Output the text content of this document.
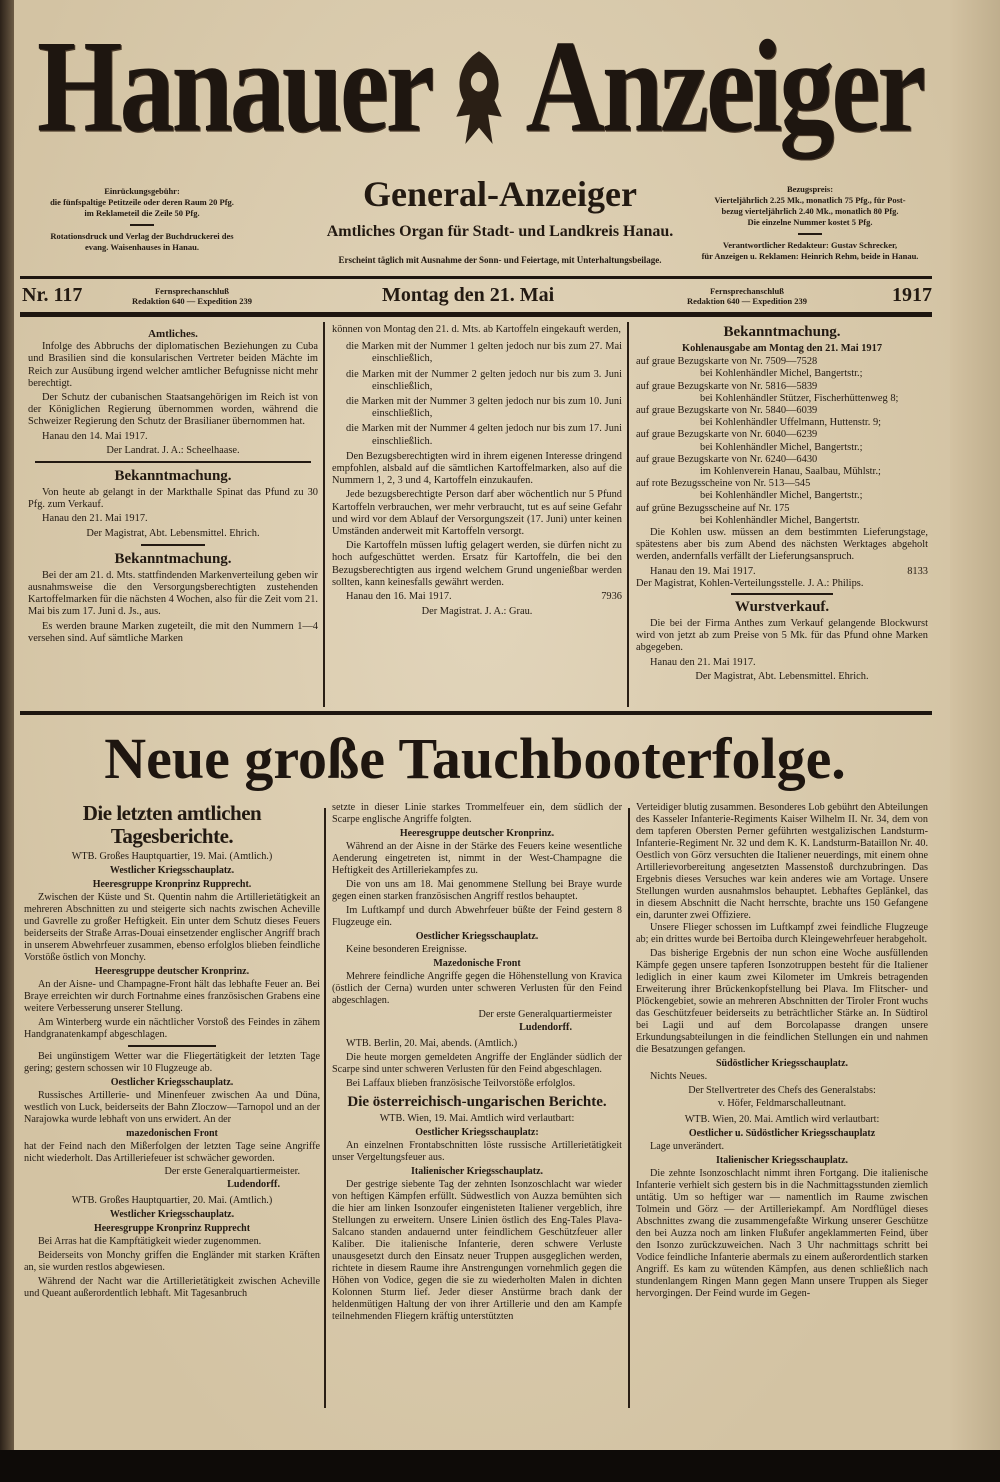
Hanauer Anzeiger
Einrückungsgebühr:
die fünfspaltige Petitzeile oder deren Raum 20 Pfg.
im Reklameteil die Zeile 50 Pfg.
Rotationsdruck und Verlag der Buchdruckerei des
evang. Waisenhauses in Hanau.
General-Anzeiger
Amtliches Organ für Stadt- und Landkreis Hanau.
Erscheint täglich mit Ausnahme der Sonn- und Feiertage, mit Unterhaltungsbeilage.
Bezugspreis:
Vierteljährlich 2.25 Mk., monatlich 75 Pfg., für Post-
bezug vierteljährlich 2.40 Mk., monatlich 80 Pfg.
Die einzelne Nummer kostet 5 Pfg.
Verantwortlicher Redakteur: Gustav Schrecker,
für Anzeigen u. Reklamen: Heinrich Rehm, beide in Hanau.
Nr. 117	Fernsprechanschluß
Redaktion 640 — Expedition 239	Montag den 21. Mai	Fernsprechanschluß
Redaktion 640 — Expedition 239	1917
Amtliches.

Infolge des Abbruchs der diplomatischen Beziehungen zu Cuba und Brasilien sind die konsularischen Vertreter beiden Mächte im Reich zur Ausübung irgend welcher amtlicher Befugnisse nicht mehr berechtigt.

Der Schutz der cubanischen Staatsangehörigen im Reich ist von der Königlichen Regierung übernommen worden, während die Schweizer Regierung den Schutz der Brasilianer übernommen hat.

Hanau den 14. Mai 1917.

Der Landrat. J. A.: Scheelhaase.
Bekanntmachung.

Von heute ab gelangt in der Markthalle Spinat das Pfund zu 30 Pfg. zum Verkauf.

Hanau den 21. Mai 1917.

Der Magistrat, Abt. Lebensmittel. Ehrich.
Bekanntmachung.

Bei der am 21. d. Mts. stattfindenden Markenverteilung geben wir ausnahmsweise die den Versorgungsberechtigten zustehenden Kartoffelmarken für die nächsten 4 Wochen, also für die Zeit vom 21. Mai bis zum 17. Juni d. Js., aus.

Es werden braune Marken zugeteilt, die mit den Nummern 1—4 versehen sind. Auf sämtliche Marken

können von Montag den 21. d. Mts. ab Kartoffeln eingekauft werden,

die Marken mit der Nummer 1 gelten jedoch nur bis zum 27. Mai einschließlich,

die Marken mit der Nummer 2 gelten jedoch nur bis zum 3. Juni einschließlich,

die Marken mit der Nummer 3 gelten jedoch nur bis zum 10. Juni einschließlich,

die Marken mit der Nummer 4 gelten jedoch nur bis zum 17. Juni einschließlich.

Den Bezugsberechtigten wird in ihrem eigenen Interesse dringend empfohlen, alsbald auf die sämtlichen Kartoffelmarken, also auf die Nummern 1, 2, 3 und 4, Kartoffeln einzukaufen.

Jede bezugsberechtigte Person darf aber wöchentlich nur 5 Pfund Kartoffeln verbrauchen, wer mehr verbraucht, tut es auf seine Gefahr und wird vor dem Ablauf der Versorgungszeit (17. Juni) unter keinen Umständen anderweit mit Kartoffeln versorgt.

Die Kartoffeln müssen luftig gelagert werden, sie dürfen nicht zu hoch aufgeschüttet werden. Ersatz für Kartoffeln, die bei den Bezugsberechtigten aus irgend welchem Grund ungenießbar werden sollten, kann keinesfalls gewährt werden.

Hanau den 16. Mai 1917.	7936
Der Magistrat. J. A.: Grau.
Bekanntmachung.
Kohlenausgabe am Montag den 21. Mai 1917

auf graue Bezugskarte von Nr. 7509—7528

bei Kohlenhändler Michel, Bangertstr.;

auf graue Bezugskarte von Nr. 5816—5839

bei Kohlenhändler Stützer, Fischerhüttenweg 8;

auf graue Bezugskarte von Nr. 5840—6039

bei Kohlenhändler Uffelmann, Huttenstr. 9;

auf graue Bezugskarte von Nr. 6040—6239

bei Kohlenhändler Michel, Bangertstr.;

auf graue Bezugskarte von Nr. 6240—6430

im Kohlenverein Hanau, Saalbau, Mühlstr.;

auf rote Bezugsscheine von Nr. 513—545

bei Kohlenhändler Michel, Bangertstr.;

auf grüne Bezugsscheine auf Nr. 175

bei Kohlenhändler Michel, Bangertstr.

Die Kohlen usw. müssen an dem bestimmten Lieferungstage, spätestens aber bis zum Abend des nächsten Werktages abgeholt werden, andernfalls verfällt der Lieferungsanspruch.

Hanau den 19. Mai 1917.	8133
Der Magistrat, Kohlen-Verteilungsstelle. J. A.: Philips.
Wurstverkauf.

Die bei der Firma Anthes zum Verkauf gelangende Blockwurst wird von jetzt ab zum Preise von 5 Mk. für das Pfund ohne Marken abgegeben.

Hanau den 21. Mai 1917.

Der Magistrat, Abt. Lebensmittel. Ehrich.
Neue große Tauchbooterfolge.
Die letzten amtlichen Tagesberichte.
WTB. Großes Hauptquartier, 19. Mai. (Amtlich.)
Westlicher Kriegsschauplatz.
Heeresgruppe Kronprinz Rupprecht.

Zwischen der Küste und St. Quentin nahm die Artillerietätigkeit an mehreren Abschnitten zu und steigerte sich nachts zwischen Acheville und Gavrelle zu großer Heftigkeit. Ein unter dem Schutz dieses Feuers beiderseits der Straße Arras-Douai einsetzender englischer Angriff brach in unserem Abwehrfeuer zusammen, ebenso erfolglos blieben feindliche Vorstöße östlich von Monchy.

Heeresgruppe deutscher Kronprinz.

An der Aisne- und Champagne-Front hält das lebhafte Feuer an. Bei Braye erreichten wir durch Fortnahme eines französischen Grabens eine weitere Verbesserung unserer Stellung.

Am Winterberg wurde ein nächtlicher Vorstoß des Feindes in zähem Handgranatenkampf abgeschlagen.

Bei ungünstigem Wetter war die Fliegertätigkeit der letzten Tage gering; gestern schossen wir 10 Flugzeuge ab.

Oestlicher Kriegsschauplatz.

Russisches Artillerie- und Minenfeuer zwischen Aa und Düna, westlich von Luck, beiderseits der Bahn Zloczow—Tarnopol und an der Narajowka wurde lebhaft von uns erwidert. An der

mazedonischen Front

hat der Feind nach den Mißerfolgen der letzten Tage seine Angriffe nicht wiederholt. Das Artilleriefeuer ist schwächer geworden.

Der erste Generalquartiermeister.
Ludendorff.
WTB. Großes Hauptquartier, 20. Mai. (Amtlich.)
Westlicher Kriegsschauplatz.
Heeresgruppe Kronprinz Rupprecht

Bei Arras hat die Kampftätigkeit wieder zugenommen.

Beiderseits von Monchy griffen die Engländer mit starken Kräften an, sie wurden restlos abgewiesen.

Während der Nacht war die Artillerietätigkeit zwischen Acheville und Queant außerordentlich lebhaft. Mit Tagesanbruch

setzte in dieser Linie starkes Trommelfeuer ein, dem südlich der Scarpe englische Angriffe folgten.

Heeresgruppe deutscher Kronprinz.

Während an der Aisne in der Stärke des Feuers keine wesentliche Aenderung eingetreten ist, nimmt in der West-Champagne die Heftigkeit des Artilleriekampfes zu.

Die von uns am 18. Mai genommene Stellung bei Braye wurde gegen einen starken französischen Angriff restlos behauptet.

Im Luftkampf und durch Abwehrfeuer büßte der Feind gestern 8 Flugzeuge ein.

Oestlicher Kriegsschauplatz.

Keine besonderen Ereignisse.

Mazedonische Front

Mehrere feindliche Angriffe gegen die Höhenstellung von Kravica (östlich der Cerna) wurden unter schweren Verlusten für den Feind abgeschlagen.

Der erste Generalquartiermeister
Ludendorff.

WTB. Berlin, 20. Mai, abends. (Amtlich.)

Die heute morgen gemeldeten Angriffe der Engländer südlich der Scarpe sind unter schweren Verlusten für den Feind abgeschlagen.

Bei Laffaux blieben französische Teilvorstöße erfolglos.

Die österreichisch-ungarischen Berichte.
WTB. Wien, 19. Mai. Amtlich wird verlautbart:
Oestlicher Kriegsschauplatz:

An einzelnen Frontabschnitten löste russische Artillerietätigkeit unser Vergeltungsfeuer aus.

Italienischer Kriegsschauplatz.

Der gestrige siebente Tag der zehnten Isonzoschlacht war wieder von heftigen Kämpfen erfüllt. Südwestlich von Auzza bemühten sich die hier am linken Isonzoufer eingenisteten Italiener vergeblich, ihre Stellungen zu erweitern. Unsere Linien östlich des Eng-Tales Plava-Salcano standen andauernd unter feindlichem Geschützfeuer aller Kaliber. Die italienische Infanterie, deren schwere Verluste unausgesetzt durch den Einsatz neuer Truppen ausgeglichen werden, richtete in diesem Raume ihre Anstrengungen vornehmlich gegen die Höhen von Vodice, gegen die sie zu wiederholten Malen in dichten Kolonnen Sturm lief. Jeder dieser Anstürme brach dank der heldenmütigen Haltung der von ihrer Artillerie und den am Kampfe teilnehmenden Fliegern kräftig unterstützten

Verteidiger blutig zusammen. Besonderes Lob gebührt den Abteilungen des Kasseler Infanterie-Regiments Kaiser Wilhelm II. Nr. 34, dem von dem tapferen Obersten Perner geführten westgalizischen Landsturm-Infanterie-Regiment Nr. 32 und dem K. K. Landsturm-Bataillon Nr. 40. Oestlich von Görz versuchten die Italiener neuerdings, mit einem ohne Artillerievorbereitung angesetzten Massenstoß durchzubringen. Das Ergebnis dieses Versuches war kein anderes wie am Vortage. Unsere Stellungen wurden ausnahmslos behauptet. Lebhaftes Geplänkel, das in diesem Abschnitt die Nacht herrschte, brachte uns 150 Gefangene ein, darunter zwei Offiziere.

Unsere Flieger schossen im Luftkampf zwei feindliche Flugzeuge ab; ein drittes wurde bei Bertoiba durch Kleingewehrfeuer herabgeholt.

Das bisherige Ergebnis der nun schon eine Woche ausfüllenden Kämpfe gegen unsere tapferen Isonzotruppen besteht für die Italiener lediglich in einer kaum zwei Kilometer im Umkreis betragenden Erweiterung ihrer Brückenkopfstellung bei Plava. Im Flitscher- und Plöckengebiet, sowie an mehreren Abschnitten der Tiroler Front wuchs das Geschützfeuer beiderseits zu beträchtlicher Stärke an. In Südtirol bei Lagii und auf dem Borcolapasse drangen unsere Erkundungsabteilungen in die feindlichen Stellungen ein und nahmen die Besatzungen gefangen.

Südöstlicher Kriegsschauplatz.

Nichts Neues.

Der Stellvertreter des Chefs des Generalstabs:
v. Höfer, Feldmarschalleutnant.
WTB. Wien, 20. Mai. Amtlich wird verlautbart:
Oestlicher u. Südöstlicher Kriegsschauplatz

Lage unverändert.

Italienischer Kriegsschauplatz.

Die zehnte Isonzoschlacht nimmt ihren Fortgang. Die italienische Infanterie verhielt sich gestern bis in die Nachmittagsstunden ziemlich untätig. Um so heftiger war — namentlich im Raume zwischen Tolmein und Görz — der Artilleriekampf. Am Nordflügel dieses Abschnittes zwang die zusammengefaßte Wirkung unserer Geschütze den bei Auzza noch am linken Flußufer angeklammerten Feind, über den Isonzo zurückzuweichen. Nach 3 Uhr nachmittags schritt bei Vodice feindliche Infanterie abermals zu einem außerordentlich starken Angriff. Es kam zu wütenden Kämpfen, aus denen schließlich nach stundenlangem Ringen Mann gegen Mann unsere Truppen als Sieger hervorgingen. Der Feind wurde im Gegen-
